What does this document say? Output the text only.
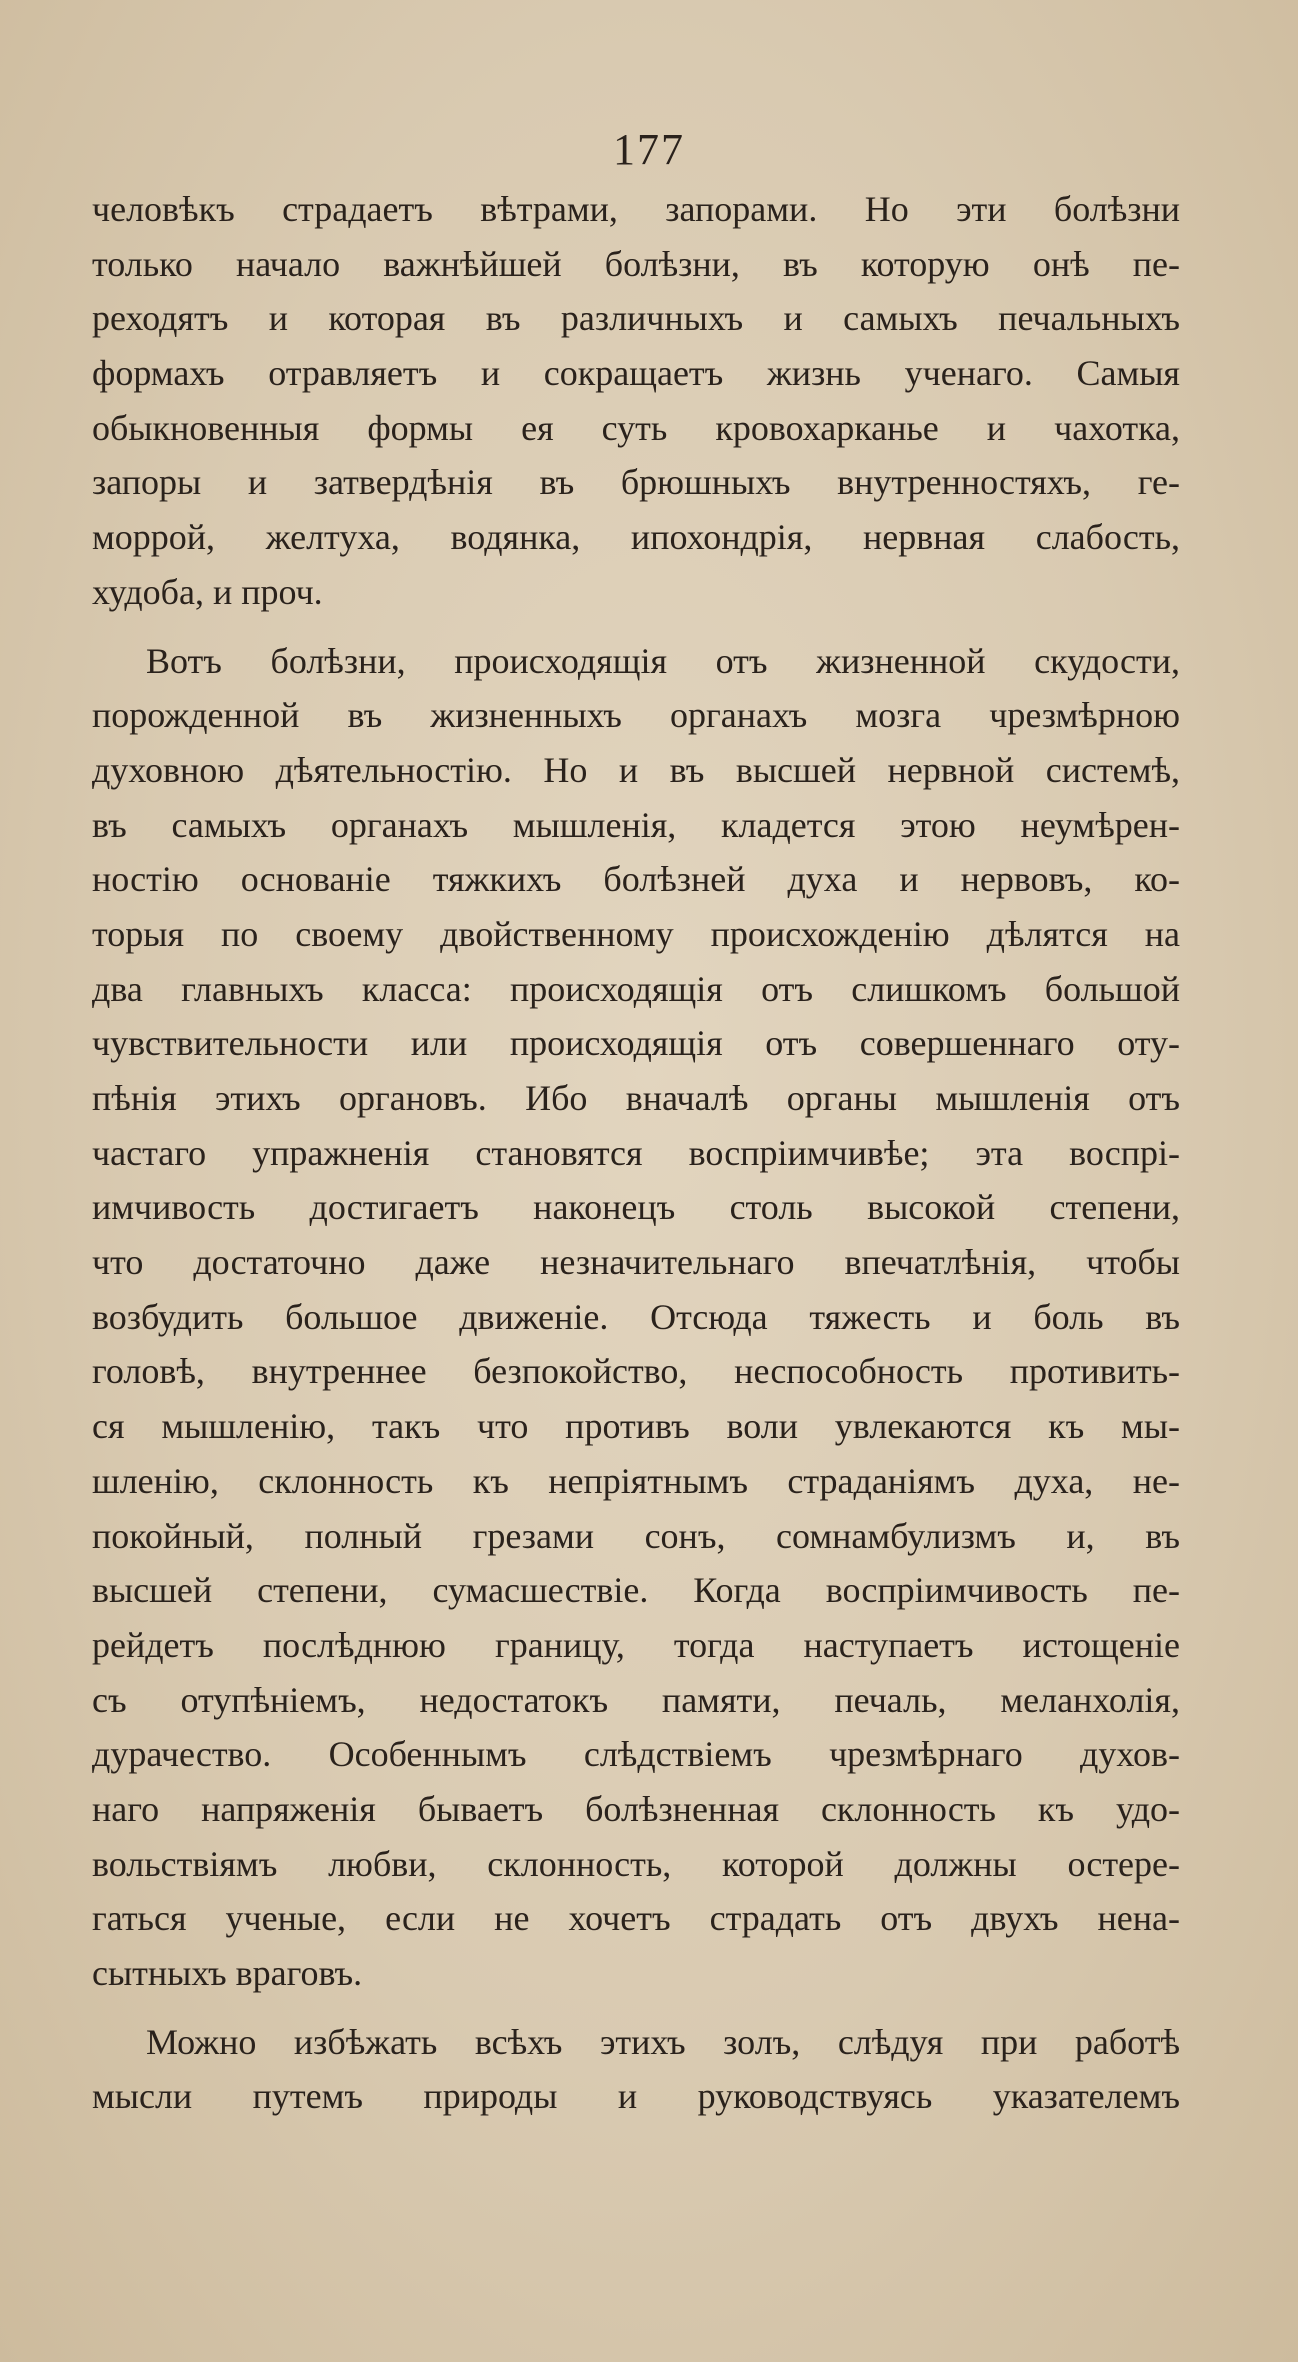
177
человѣкъ страдаетъ вѣтрами, запорами. Но эти болѣзни
только начало важнѣйшей болѣзни, въ которую онѣ пе-
реходятъ и которая въ различныхъ и самыхъ печальныхъ
формахъ отравляетъ и сокращаетъ жизнь ученаго. Самыя
обыкновенныя формы ея суть кровохарканье и чахотка,
запоры и затвердѣнія въ брюшныхъ внутренностяхъ, ге-
моррой, желтуха, водянка, ипохондрія, нервная слабость,
худоба, и проч.
Вотъ болѣзни, происходящія отъ жизненной скудости,
порожденной въ жизненныхъ органахъ мозга чрезмѣрною
духовною дѣятельностію. Но и въ высшей нервной системѣ,
въ самыхъ органахъ мышленія, кладется этою неумѣрен-
ностію основаніе тяжкихъ болѣзней духа и нервовъ, ко-
торыя по своему двойственному происхожденію дѣлятся на
два главныхъ класса: происходящія отъ слишкомъ большой
чувствительности или происходящія отъ совершеннаго оту-
пѣнія этихъ органовъ. Ибо вначалѣ органы мышленія отъ
частаго упражненія становятся воспріимчивѣе; эта воспрі-
имчивость достигаетъ наконецъ столь высокой степени,
что достаточно даже незначительнаго впечатлѣнія, чтобы
возбудить большое движеніе. Отсюда тяжесть и боль въ
головѣ, внутреннее безпокойство, неспособность противить-
ся мышленію, такъ что противъ воли увлекаются къ мы-
шленію, склонность къ непріятнымъ страданіямъ духа, не-
покойный, полный грезами сонъ, сомнамбулизмъ и, въ
высшей степени, сумасшествіе. Когда воспріимчивость пе-
рейдетъ послѣднюю границу, тогда наступаетъ истощеніе
съ отупѣніемъ, недостатокъ памяти, печаль, меланхолія,
дурачество. Особеннымъ слѣдствіемъ чрезмѣрнаго духов-
наго напряженія бываетъ болѣзненная склонность къ удо-
вольствіямъ любви, склонность, которой должны остере-
гаться ученые, если не хочетъ страдать отъ двухъ нена-
сытныхъ враговъ.
Можно избѣжать всѣхъ этихъ золъ, слѣдуя при работѣ
мысли путемъ природы и руководствуясь указателемъ
